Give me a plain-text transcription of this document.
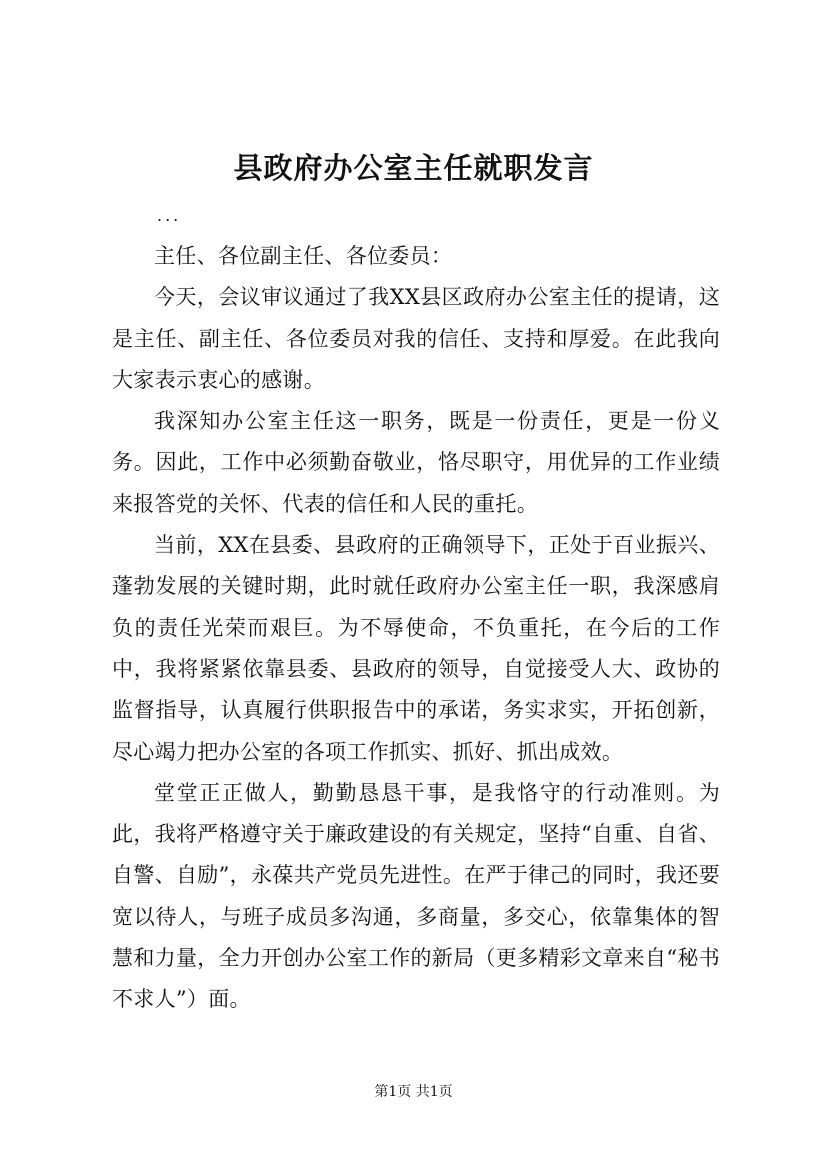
县政府办公室主任就职发言

...

主任、各位副主任、各位委员：

今天，会议审议通过了我XX县区政府办公室主任的提请，这是主任、副主任、各位委员对我的信任、支持和厚爱。在此我向大家表示衷心的感谢。

我深知办公室主任这一职务，既是一份责任，更是一份义务。因此，工作中必须勤奋敬业，恪尽职守，用优异的工作业绩来报答党的关怀、代表的信任和人民的重托。

当前，XX在县委、县政府的正确领导下，正处于百业振兴、蓬勃发展的关键时期，此时就任政府办公室主任一职，我深感肩负的责任光荣而艰巨。为不辱使命，不负重托，在今后的工作中，我将紧紧依靠县委、县政府的领导，自觉接受人大、政协的监督指导，认真履行供职报告中的承诺，务实求实，开拓创新，尽心竭力把办公室的各项工作抓实、抓好、抓出成效。

堂堂正正做人，勤勤恳恳干事，是我恪守的行动准则。为此，我将严格遵守关于廉政建设的有关规定，坚持“自重、自省、自警、自励”，永葆共产党员先进性。在严于律己的同时，我还要宽以待人，与班子成员多沟通，多商量，多交心，依靠集体的智慧和力量，全力开创办公室工作的新局（更多精彩文章来自“秘书不求人”）面。

第1页 共1页
